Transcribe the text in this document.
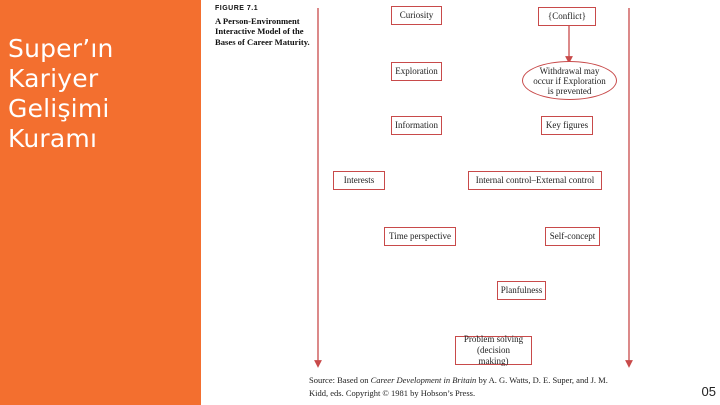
Super’ın
Kariyer
Gelişimi
Kuramı
FIGURE 7.1
A Person-Environment Interactive Model of the Bases of Career Maturity.
Curiosity	{Conflict}
Exploration	Withdrawal may occur if Exploration is prevented
Information	Key figures
Interests	Internal control–External control
Time perspective	Self-concept
Planfulness
Problem solving (decision making)
Source: Based on Career Development in Britain by A. G. Watts, D. E. Super, and J. M. Kidd, eds. Copyright © 1981 by Hobson’s Press.	05
